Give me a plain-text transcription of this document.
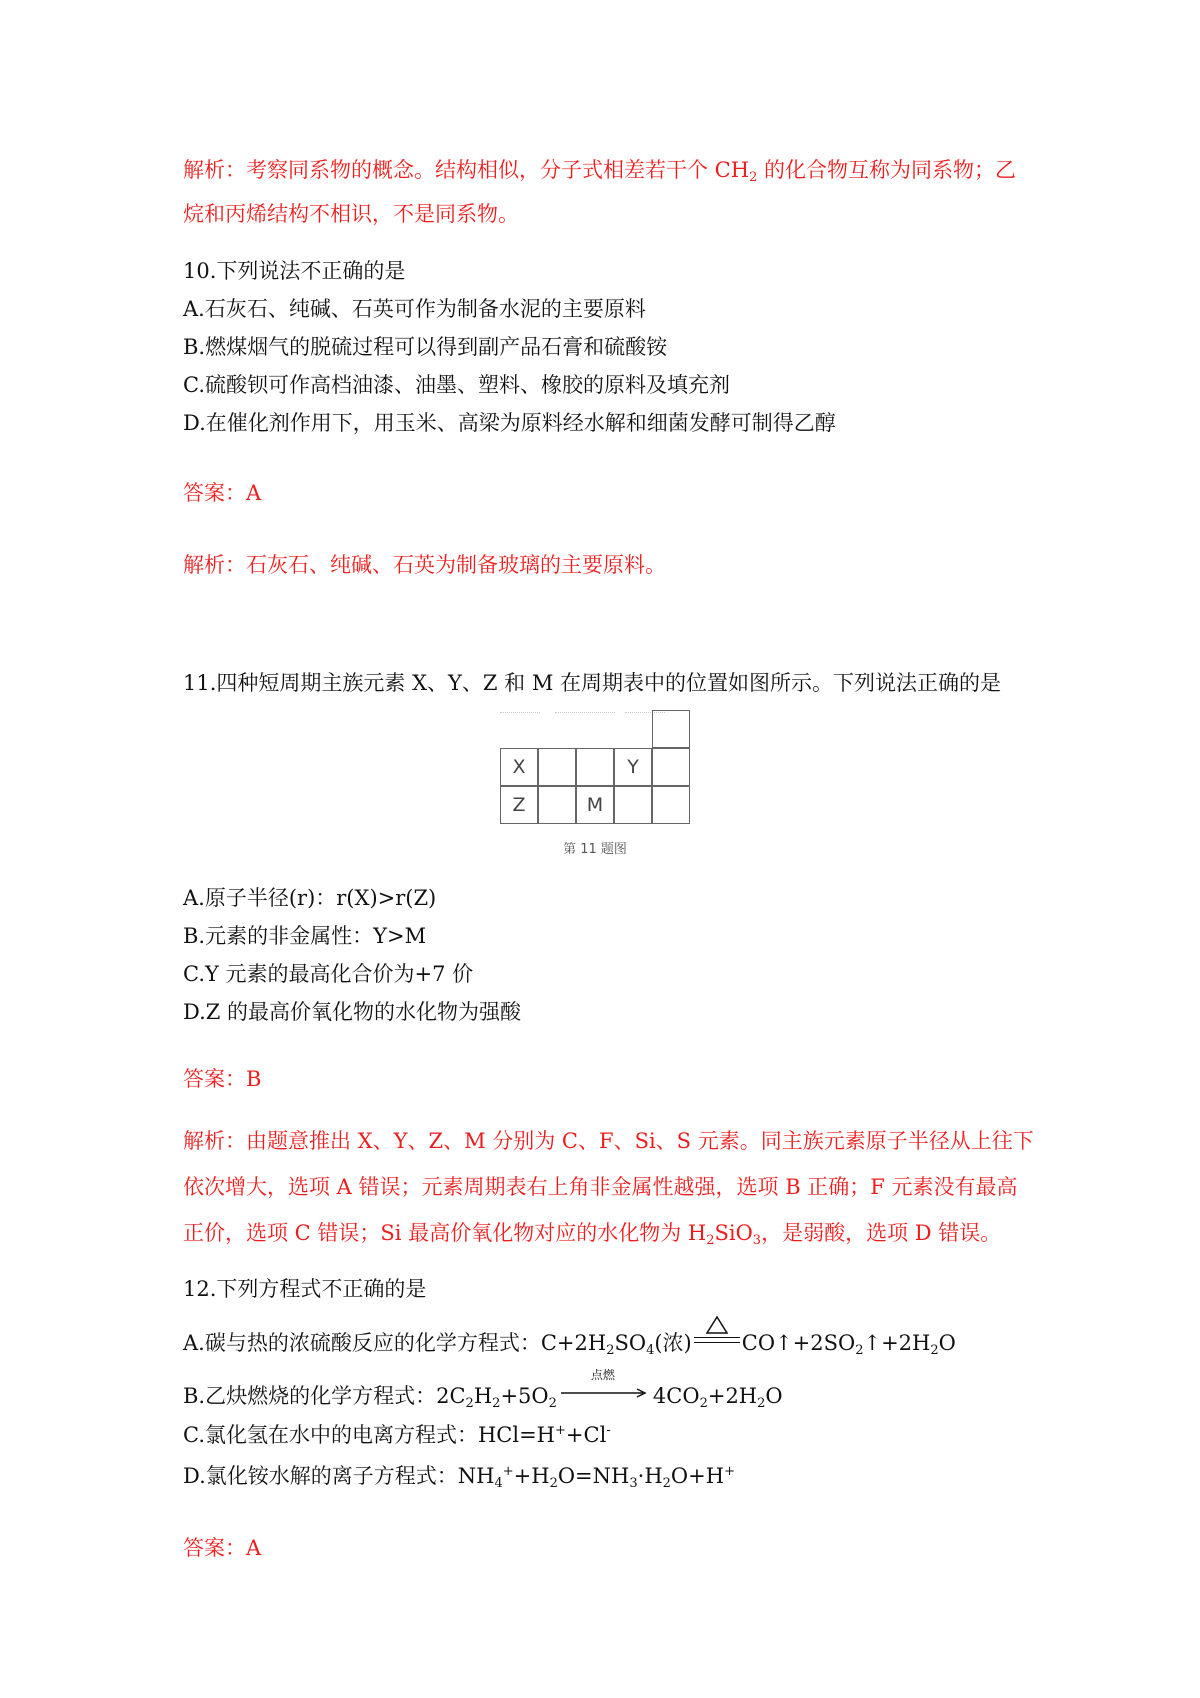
解析：考察同系物的概念。结构相似，分子式相差若干个 $CH_2$ 的化合物互称为同系物；乙
烷和丙烯结构不相识，不是同系物。
10.下列说法不正确的是
A.石灰石、纯碱、石英可作为制备水泥的主要原料
B.燃煤烟气的脱硫过程可以得到副产品石膏和硫酸铵
C.硫酸钡可作高档油漆、油墨、塑料、橡胶的原料及填充剂
D.在催化剂作用下，用玉米、高梁为原料经水解和细菌发酵可制得乙醇
答案：A
解析：石灰石、纯碱、石英为制备玻璃的主要原料。
11.四种短周期主族元素 X、Y、Z 和 M 在周期表中的位置如图所示。下列说法正确的是
X	Y
Z	M
第 11 题图
A.原子半径(r)：r(X)>r(Z)
B.元素的非金属性：Y>M
C.Y 元素的最高化合价为+7 价
D.Z 的最高价氧化物的水化物为强酸
答案：B
解析：由题意推出 X、Y、Z、M 分别为 C、F、Si、S 元素。同主族元素原子半径从上往下
依次增大，选项 A 错误；元素周期表右上角非金属性越强，选项 B 正确；F 元素没有最高
正价，选项 C 错误；Si 最高价氧化物对应的水化物为 $H_2SiO_3$，是弱酸，选项 D 错误。
12.下列方程式不正确的是
A.碳与热的浓硫酸反应的化学方程式：$C+2H_2SO_4$(浓) $CO↑+2SO_2↑+2H_2O$
B.乙炔燃烧的化学方程式：$2C_2H_2+5O_2$
点燃
$4CO_2+2H_2O$
C.氯化氢在水中的电离方程式：HCl=H++Cl-
D.氯化铵水解的离子方程式：$NH_4^++H_2O=NH_3\cdot H_2O+H^+$
答案：A
